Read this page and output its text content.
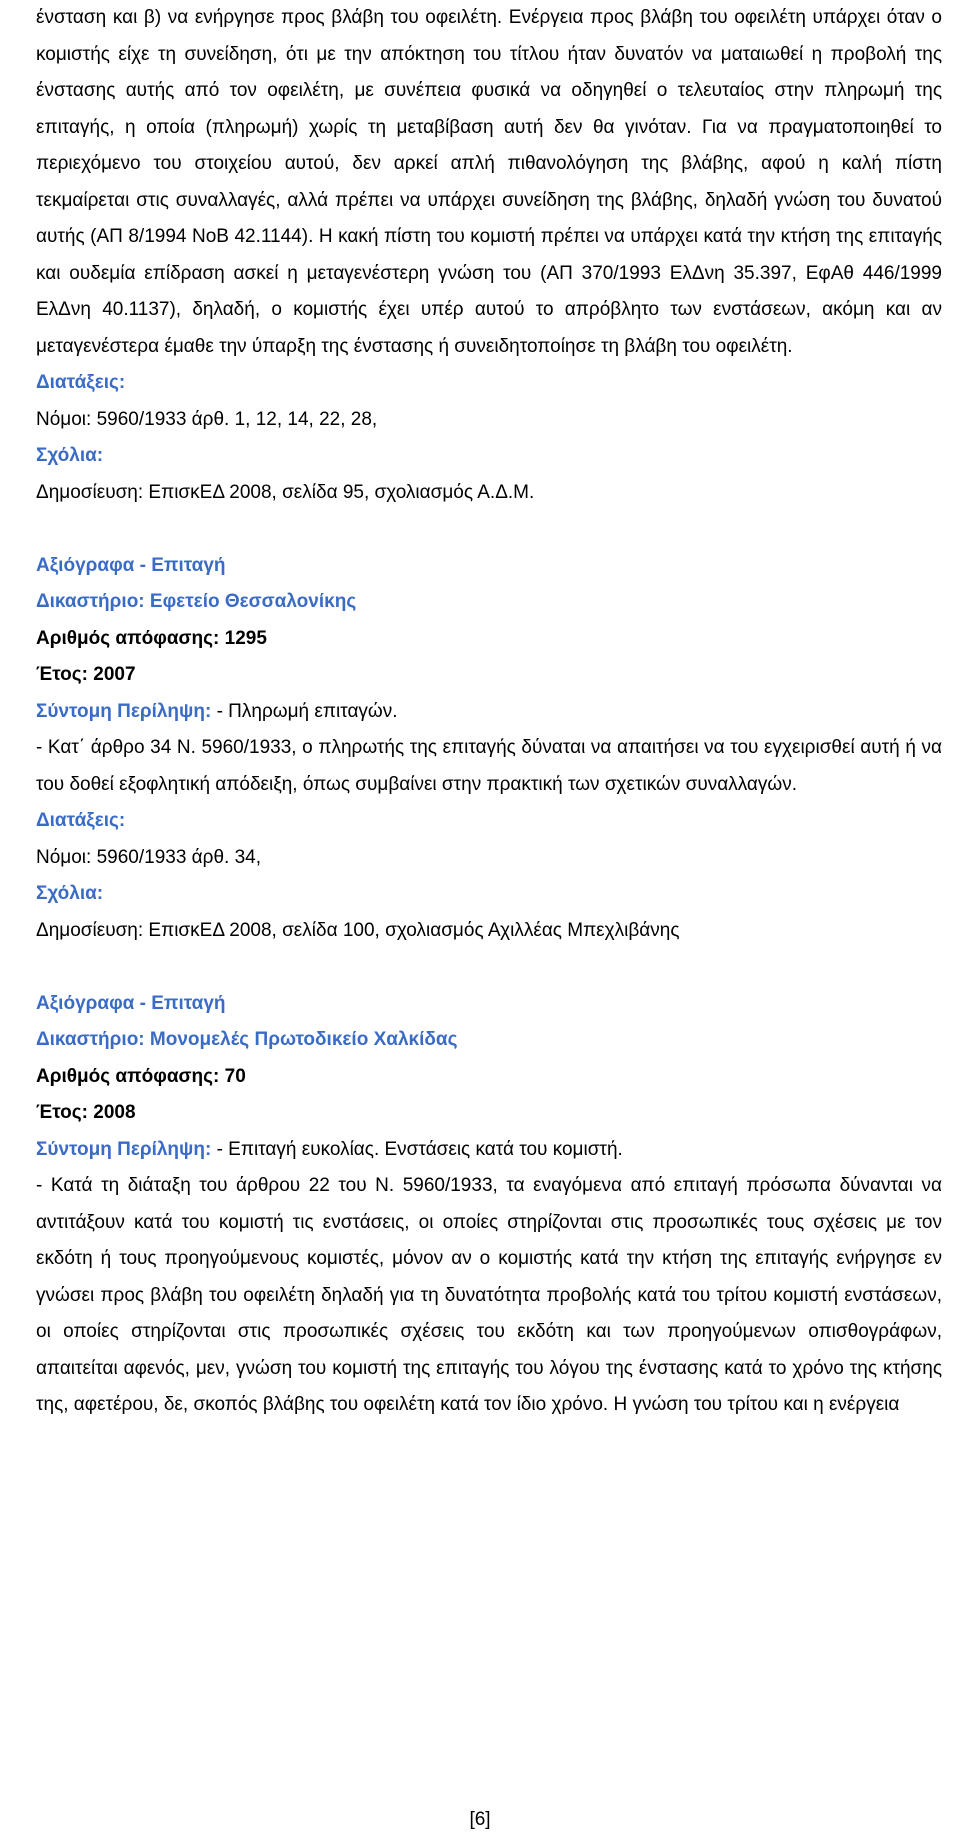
ένσταση και β) να ενήργησε προς βλάβη του οφειλέτη. Ενέργεια προς βλάβη του οφειλέτη υπάρχει όταν ο κομιστής είχε τη συνείδηση, ότι με την απόκτηση του τίτλου ήταν δυνατόν να ματαιωθεί η προβολή της ένστασης αυτής από τον οφειλέτη, με συνέπεια φυσικά να οδηγηθεί ο τελευταίος στην πληρωμή της επιταγής, η οποία (πληρωμή) χωρίς τη μεταβίβαση αυτή δεν θα γινόταν. Για να πραγματοποιηθεί το περιεχόμενο του στοιχείου αυτού, δεν αρκεί απλή πιθανολόγηση της βλάβης, αφού η καλή πίστη τεκμαίρεται στις συναλλαγές, αλλά πρέπει να υπάρχει συνείδηση της βλάβης, δηλαδή γνώση του δυνατού αυτής (ΑΠ 8/1994 ΝοΒ 42.1144). Η κακή πίστη του κομιστή πρέπει να υπάρχει κατά την κτήση της επιταγής και ουδεμία επίδραση ασκεί η μεταγενέστερη γνώση του (ΑΠ 370/1993 ΕλΔνη 35.397, ΕφΑθ 446/1999 ΕλΔνη 40.1137), δηλαδή, ο κομιστής έχει υπέρ αυτού το απρόβλητο των ενστάσεων, ακόμη και αν μεταγενέστερα έμαθε την ύπαρξη της ένστασης ή συνειδητοποίησε τη βλάβη του οφειλέτη.

Διατάξεις:

Νόμοι: 5960/1933 άρθ. 1, 12, 14, 22, 28,

Σχόλια:

Δημοσίευση: ΕπισκΕΔ 2008, σελίδα 95, σχολιασμός Α.Δ.Μ.

Αξιόγραφα - Επιταγή

Δικαστήριο: Εφετείο Θεσσαλονίκης

Αριθμός απόφασης: 1295

Έτος: 2007

Σύντομη Περίληψη: - Πληρωμή επιταγών.

- Κατ΄ άρθρο 34 Ν. 5960/1933, ο πληρωτής της επιταγής δύναται να απαιτήσει να του εγχειρισθεί αυτή ή να του δοθεί εξοφλητική απόδειξη, όπως συμβαίνει στην πρακτική των σχετικών συναλλαγών.

Διατάξεις:

Νόμοι: 5960/1933 άρθ. 34,

Σχόλια:

Δημοσίευση: ΕπισκΕΔ 2008, σελίδα 100, σχολιασμός Αχιλλέας Μπεχλιβάνης

Αξιόγραφα - Επιταγή

Δικαστήριο: Μονομελές Πρωτοδικείο Χαλκίδας

Αριθμός απόφασης: 70

Έτος: 2008

Σύντομη Περίληψη: - Επιταγή ευκολίας. Ενστάσεις κατά του κομιστή.

- Κατά τη διάταξη του άρθρου 22 του Ν. 5960/1933, τα εναγόμενα από επιταγή πρόσωπα δύνανται να αντιτάξουν κατά του κομιστή τις ενστάσεις, οι οποίες στηρίζονται στις προσωπικές τους σχέσεις με τον εκδότη ή τους προηγούμενους κομιστές, μόνον αν ο κομιστής κατά την κτήση της επιταγής ενήργησε εν γνώσει προς βλάβη του οφειλέτη δηλαδή για τη δυνατότητα προβολής κατά του τρίτου κομιστή ενστάσεων, οι οποίες στηρίζονται στις προσωπικές σχέσεις του εκδότη και των προηγούμενων οπισθογράφων, απαιτείται αφενός, μεν, γνώση του κομιστή της επιταγής του λόγου της ένστασης κατά το χρόνο της κτήσης της, αφετέρου, δε, σκοπός βλάβης του οφειλέτη κατά τον ίδιο χρόνο. Η γνώση του τρίτου και η ενέργεια

[6]
